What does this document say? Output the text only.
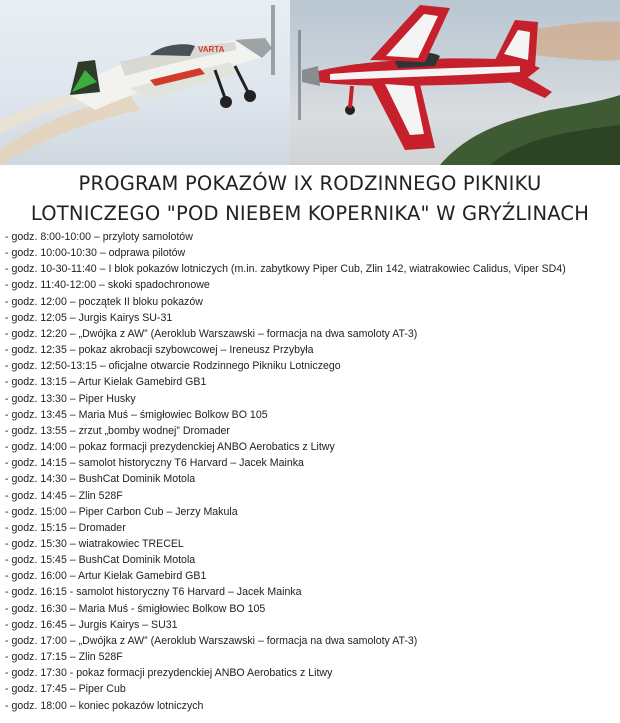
VARTA
PROGRAM POKAZÓW IX RODZINNEGO PIKNIKU
LOTNICZEGO "POD NIEBEM KOPERNIKA" W GRYŹLINACH
- godz. 8:00-10:00 – przyloty samolotów
- godz. 10:00-10:30 – odprawa pilotów
- godz. 10-30-11:40 – I blok pokazów lotniczych (m.in. zabytkowy Piper Cub, Zlin 142, wiatrakowiec Calidus, Viper SD4)
- godz. 11:40-12:00 – skoki spadochronowe
- godz. 12:00 – początek II bloku pokazów
- godz. 12:05 – Jurgis Kairys SU-31
- godz. 12:20 – „Dwójka z AW” (Aeroklub Warszawski – formacja na dwa samoloty AT-3)
- godz. 12:35 – pokaz akrobacji szybowcowej – Ireneusz Przybyła
- godz. 12:50-13:15 – oficjalne otwarcie Rodzinnego Pikniku Lotniczego
- godz. 13:15 – Artur Kielak Gamebird GB1
- godz. 13:30 – Piper Husky
- godz. 13:45 – Maria Muś – śmigłowiec Bolkow BO 105
- godz. 13:55 – zrzut „bomby wodnej” Dromader
- godz. 14:00 – pokaz formacji prezydenckiej ANBO Aerobatics z Litwy
- godz. 14:15 – samolot historyczny T6 Harvard – Jacek Mainka
- godz. 14:30 – BushCat Dominik Motola
- godz. 14:45 – Zlin 528F
- godz. 15:00 – Piper Carbon Cub – Jerzy Makula
- godz. 15:15 – Dromader
- godz. 15:30 – wiatrakowiec TRECEL
- godz. 15:45 – BushCat Dominik Motola
- godz. 16:00 – Artur Kielak Gamebird GB1
- godz. 16:15 - samolot historyczny T6 Harvard – Jacek Mainka
- godz. 16:30 – Maria Muś - śmigłowiec Bolkow BO 105
- godz. 16:45 – Jurgis Kairys – SU31
- godz. 17:00 – „Dwójka z AW” (Aeroklub Warszawski – formacja na dwa samoloty AT-3)
- godz. 17:15 – Zlin 528F
- godz. 17:30 - pokaz formacji prezydenckiej ANBO Aerobatics z Litwy
- godz. 17:45 – Piper Cub
- godz. 18:00 – koniec pokazów lotniczych
